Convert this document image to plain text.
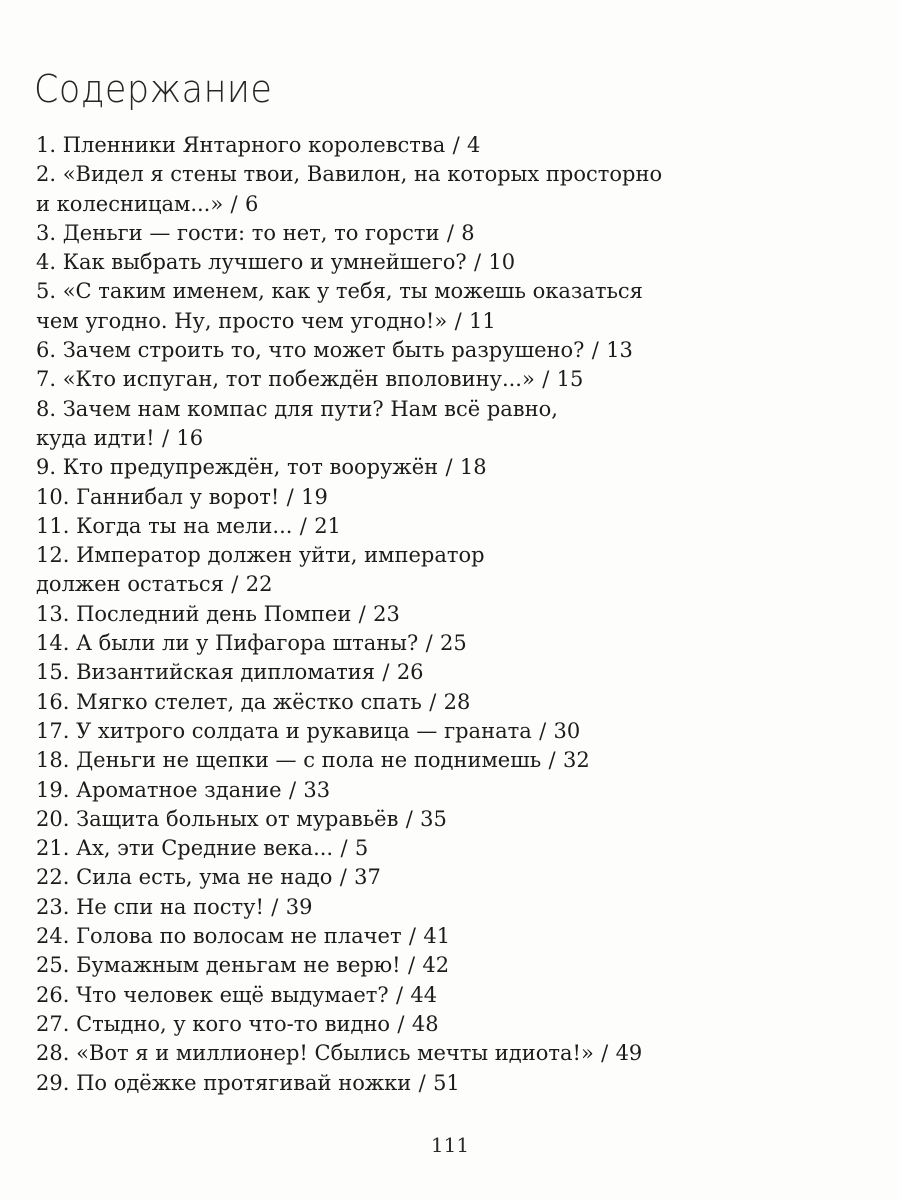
Содержание
1. Пленники Янтарного королевства / 4
2. «Видел я стены твои, Вавилон, на которых просторно
и колесницам...» / 6
3. Деньги — гости: то нет, то горсти / 8
4. Как выбрать лучшего и умнейшего? / 10
5. «С таким именем, как у тебя, ты можешь оказаться
чем угодно. Ну, просто чем угодно!» / 11
6. Зачем строить то, что может быть разрушено? / 13
7. «Кто испуган, тот побеждён вполовину...» / 15
8. Зачем нам компас для пути? Нам всё равно,
куда идти! / 16
9. Кто предупреждён, тот вооружён / 18
10. Ганнибал у ворот! / 19
11. Когда ты на мели... / 21
12. Император должен уйти, император
должен остаться / 22
13. Последний день Помпеи / 23
14. А были ли у Пифагора штаны? / 25
15. Византийская дипломатия / 26
16. Мягко стелет, да жёстко спать / 28
17. У хитрого солдата и рукавица — граната / 30
18. Деньги не щепки — с пола не поднимешь / 32
19. Ароматное здание / 33
20. Защита больных от муравьёв / 35
21. Ах, эти Средние века... / 5
22. Сила есть, ума не надо / 37
23. Не спи на посту! / 39
24. Голова по волосам не плачет / 41
25. Бумажным деньгам не верю! / 42
26. Что человек ещё выдумает? / 44
27. Стыдно, у кого что-то видно / 48
28. «Вот я и миллионер! Сбылись мечты идиота!» / 49
29. По одёжке протягивай ножки / 51
111
